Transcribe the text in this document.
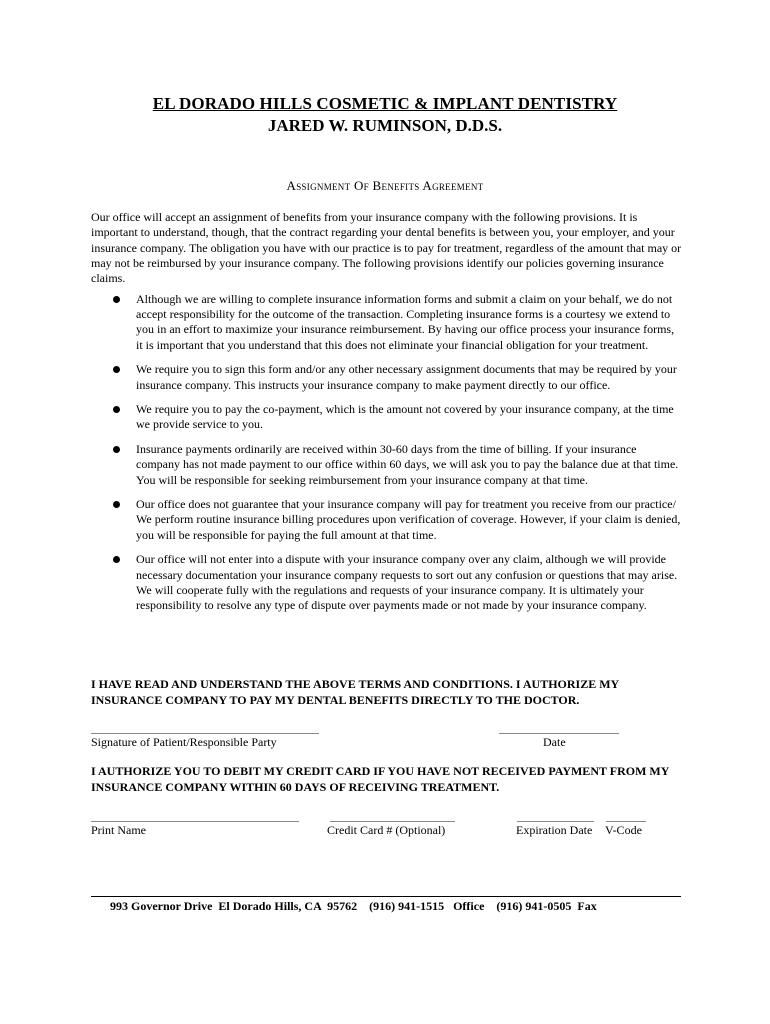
EL DORADO HILLS COSMETIC & IMPLANT DENTISTRY
JARED W. RUMINSON, D.D.S.
Assignment Of Benefits Agreement

Our office will accept an assignment of benefits from your insurance company with the following provisions. It is important to understand, though, that the contract regarding your dental benefits is between you, your employer, and your insurance company. The obligation you have with our practice is to pay for treatment, regardless of the amount that may or may not be reimbursed by your insurance company. The following provisions identify our policies governing insurance claims.

Although we are willing to complete insurance information forms and submit a claim on your behalf, we do not accept responsibility for the outcome of the transaction. Completing insurance forms is a courtesy we extend to you in an effort to maximize your insurance reimbursement. By having our office process your insurance forms, it is important that you understand that this does not eliminate your financial obligation for your treatment.
We require you to sign this form and/or any other necessary assignment documents that may be required by your insurance company. This instructs your insurance company to make payment directly to our office.
We require you to pay the co-payment, which is the amount not covered by your insurance company, at the time we provide service to you.
Insurance payments ordinarily are received within 30-60 days from the time of billing. If your insurance company has not made payment to our office within 60 days, we will ask you to pay the balance due at that time. You will be responsible for seeking reimbursement from your insurance company at that time.
Our office does not guarantee that your insurance company will pay for treatment you receive from our practice/ We perform routine insurance billing procedures upon verification of coverage. However, if your claim is denied, you will be responsible for paying the full amount at that time.
Our office will not enter into a dispute with your insurance company over any claim, although we will provide necessary documentation your insurance company requests to sort out any confusion or questions that may arise. We will cooperate fully with the regulations and requests of your insurance company. It is ultimately your responsibility to resolve any type of dispute over payments made or not made by your insurance company.

I HAVE READ AND UNDERSTAND THE ABOVE TERMS AND CONDITIONS. I AUTHORIZE MY INSURANCE COMPANY TO PAY MY DENTAL BENEFITS DIRECTLY TO THE DOCTOR.

Signature of Patient/Responsible Party	Date

I AUTHORIZE YOU TO DEBIT MY CREDIT CARD IF YOU HAVE NOT RECEIVED PAYMENT FROM MY INSURANCE COMPANY WITHIN 60 DAYS OF RECEIVING TREATMENT.

Print Name	Credit Card # (Optional)	Expiration Date V-Code
993 Governor Drive  El Dorado Hills, CA  95762 (916) 941-1515   Office (916) 941-0505  Fax
